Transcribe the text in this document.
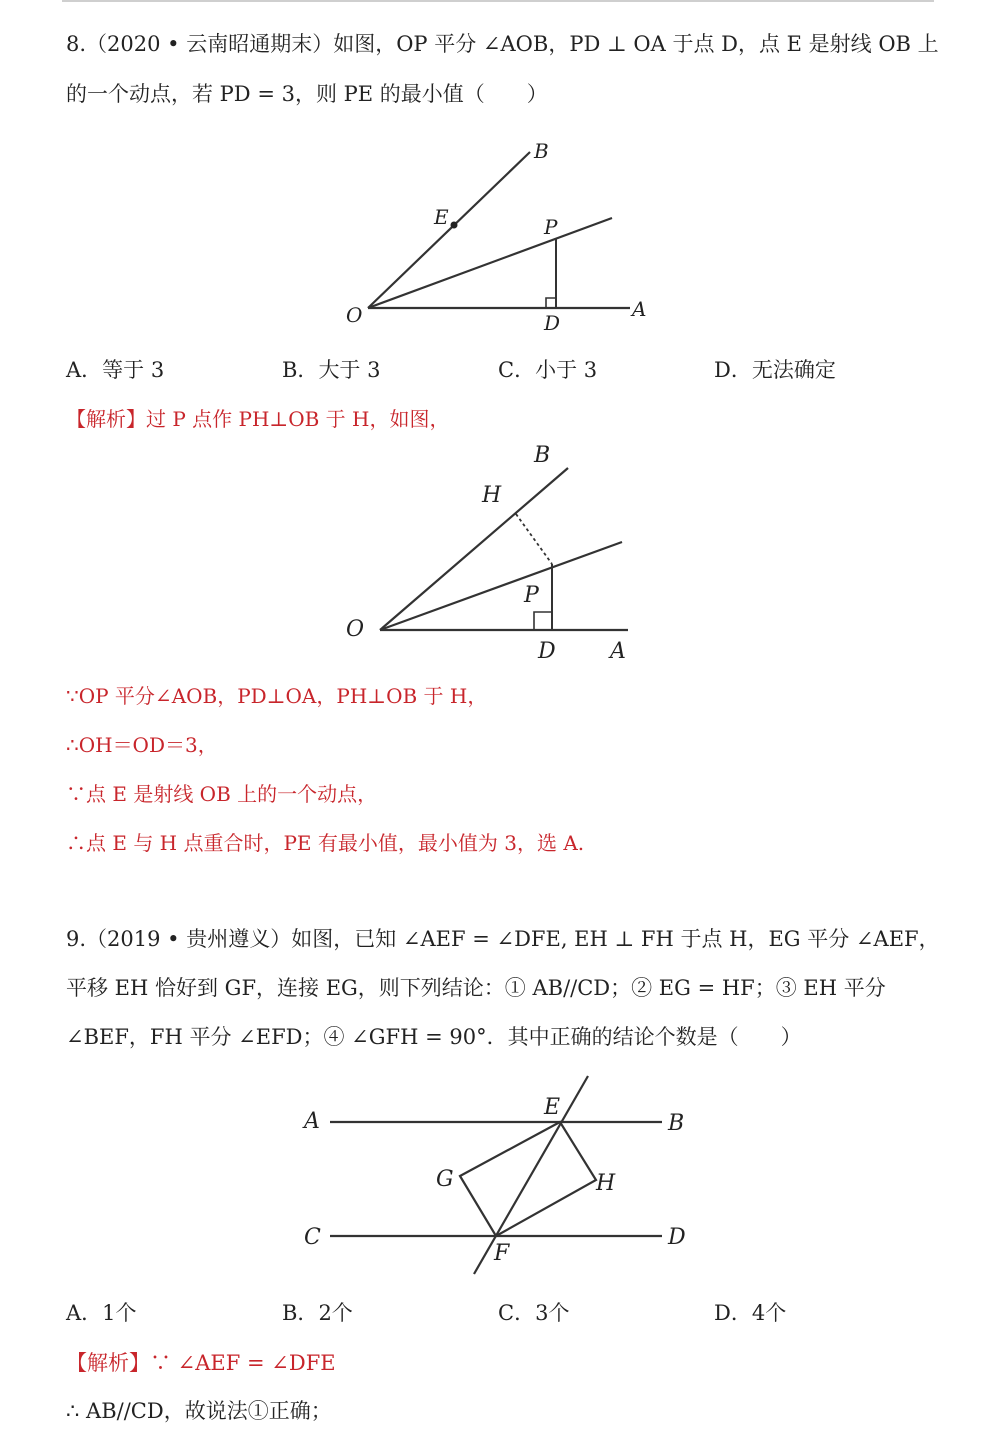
8.（2020 • 云南昭通期末）如图，OP 平分 ∠AOB，PD ⊥ OA 于点 D，点 E 是射线 OB 上
的一个动点，若 PD = 3，则 PE 的最小值（　　）
B
E	P
O	D
A
A．等于 3	B．大于 3	C．小于 3	D．无法确定
【解析】过 P 点作 PH⊥OB 于 H，如图，
B
H
P
O
D A
∵OP 平分∠AOB，PD⊥OA，PH⊥OB 于 H，
∴OH＝OD＝3，
∵点 E 是射线 OB 上的一个动点，
∴点 E 与 H 点重合时，PE 有最小值，最小值为 3，选 A.
9.（2019 • 贵州遵义）如图，已知 ∠AEF = ∠DFE, EH ⊥ FH 于点 H，EG 平分 ∠AEF，
平移 EH 恰好到 GF，连接 EG，则下列结论：① AB//CD；② EG = HF；③ EH 平分
∠BEF，FH 平分 ∠EFD；④ ∠GFH = 90°．其中正确的结论个数是（　　）
A
E
B
G	H
C
F
D
A．1个	B．2个	C．3个	D．4个
【解析】∵ ∠AEF = ∠DFE
∴ AB//CD，故说法①正确；
